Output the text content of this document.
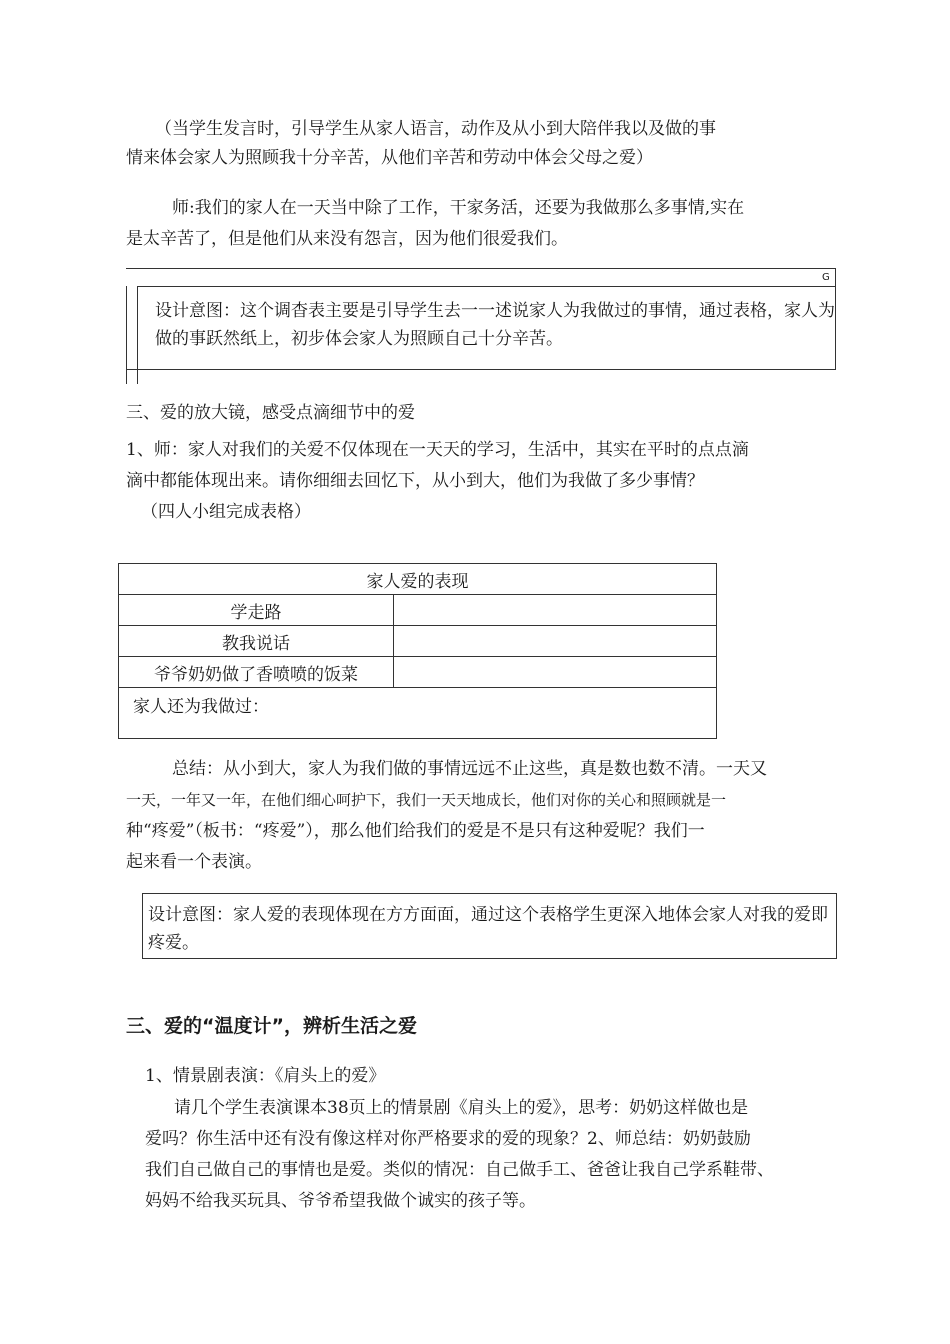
（当学生发言时，引导学生从家人语言，动作及从小到大陪伴我以及做的事
情来体会家人为照顾我十分辛苦，从他们辛苦和劳动中体会父母之爱）
师:我们的家人在一天当中除了工作，干家务活，还要为我做那么多事情,实在
是太辛苦了，但是他们从来没有怨言，因为他们很爱我们。
G
设计意图：这个调杳表主要是引导学生去一一述说家人为我做过的事情，通过表格，家人为做的事跃然纸上，初步体会家人为照顾自己十分辛苦。
三、爱的放大镜，感受点滴细节中的爱
1、师：家人对我们的关爱不仅体现在一天天的学习，生活中，其实在平时的点点滴
滴中都能体现出来。请你细细去回忆下，从小到大，他们为我做了多少事情？
（四人小组完成表格）
家人爱的表现	
学走路	
教我说话	
爷爷奶奶做了香喷喷的饭菜	
家人还为我做过：	
总结：从小到大，家人为我们做的事情远远不止这些，真是数也数不清。一天又
一天，一年又一年，在他们细心呵护下，我们一天天地成长，他们对你的关心和照顾就是一
种“疼爱”（板书：“疼爱”），那么他们给我们的爱是不是只有这种爱呢？我们一
起来看一个表演。
设计意图：家人爱的表现体现在方方面面，通过这个表格学生更深入地体会家人对我的爱即疼爱。
三、爱的“温度计”，辨析生活之爱
1、情景剧表演：《肩头上的爱》
请几个学生表演课本38页上的情景剧《肩头上的爱》，思考：奶奶这样做也是
爱吗？你生活中还有没有像这样对你严格要求的爱的现象？2、师总结：奶奶鼓励
我们自己做自己的事情也是爱。类似的情况：自己做手工、爸爸让我自己学系鞋带、
妈妈不给我买玩具、爷爷希望我做个诚实的孩子等。
